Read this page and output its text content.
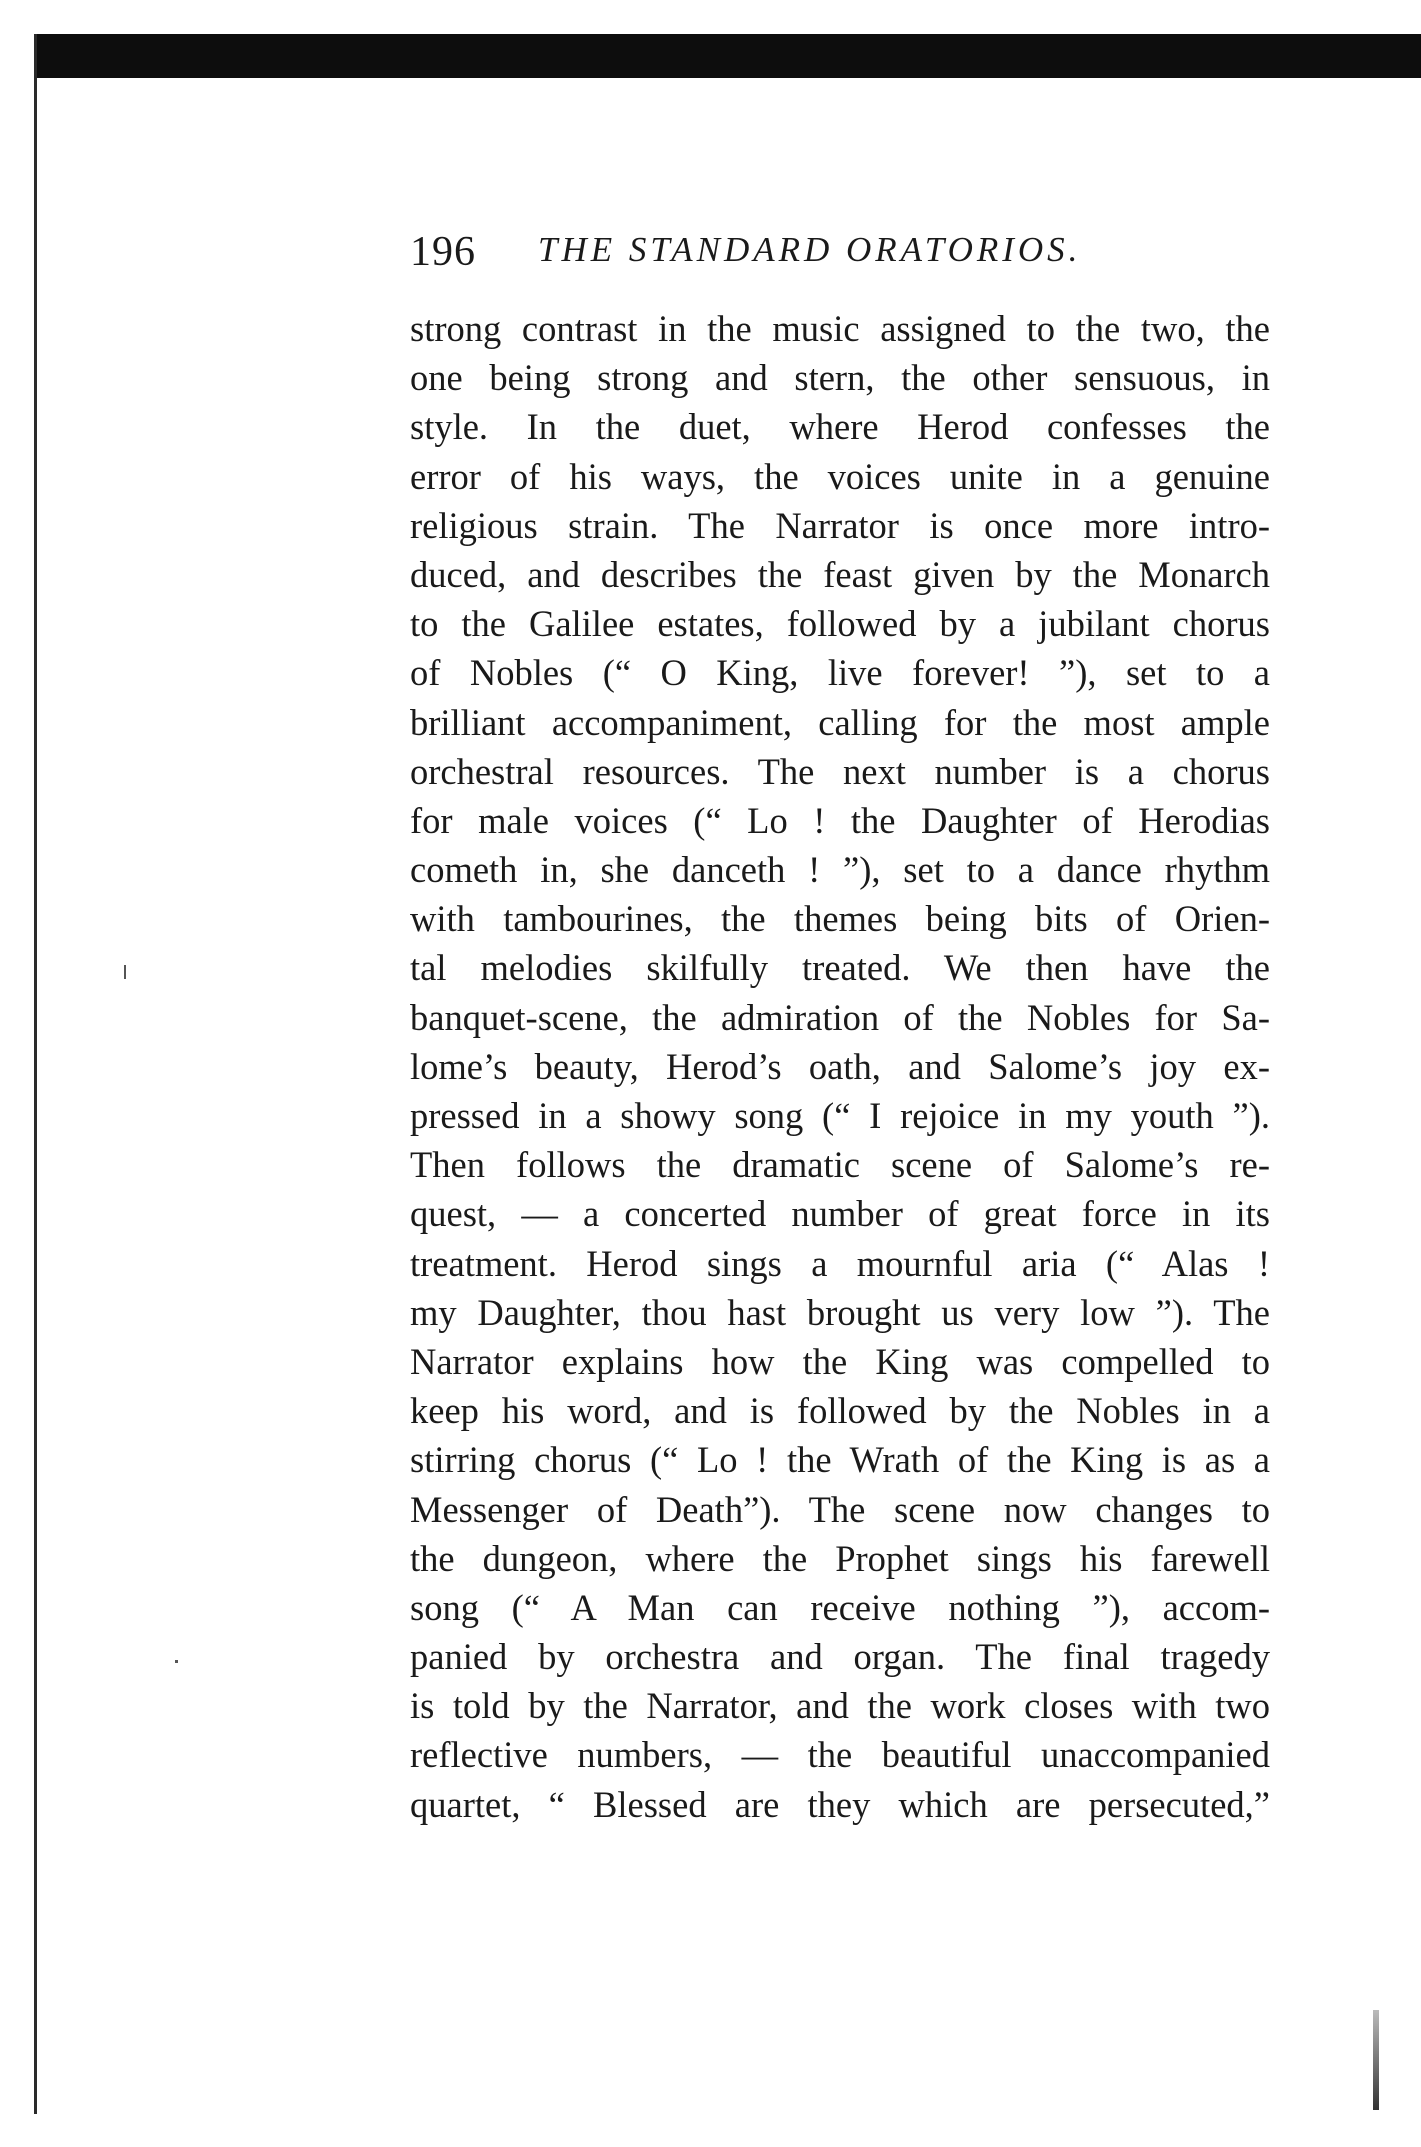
196 THE STANDARD ORATORIOS.
strong contrast in the music assigned to the two, the
one being strong and stern, the other sensuous, in
style. In the duet, where Herod confesses the
error of his ways, the voices unite in a genuine
religious strain. The Narrator is once more intro-
duced, and describes the feast given by the Monarch
to the Galilee estates, followed by a jubilant chorus
of Nobles (“ O King, live forever! ”), set to a
brilliant accompaniment, calling for the most ample
orchestral resources. The next number is a chorus
for male voices (“ Lo ! the Daughter of Herodias
cometh in, she danceth ! ”), set to a dance rhythm
with tambourines, the themes being bits of Orien-
tal melodies skilfully treated. We then have the
banquet-scene, the admiration of the Nobles for Sa-
lome’s beauty, Herod’s oath, and Salome’s joy ex-
pressed in a showy song (“ I rejoice in my youth ”).
Then follows the dramatic scene of Salome’s re-
quest, — a concerted number of great force in its
treatment. Herod sings a mournful aria (“ Alas !
my Daughter, thou hast brought us very low ”). The
Narrator explains how the King was compelled to
keep his word, and is followed by the Nobles in a
stirring chorus (“ Lo ! the Wrath of the King is as a
Messenger of Death”). The scene now changes to
the dungeon, where the Prophet sings his farewell
song (“ A Man can receive nothing ”), accom-
panied by orchestra and organ. The final tragedy
is told by the Narrator, and the work closes with two
reflective numbers, — the beautiful unaccompanied
quartet, “ Blessed are they which are persecuted,”
